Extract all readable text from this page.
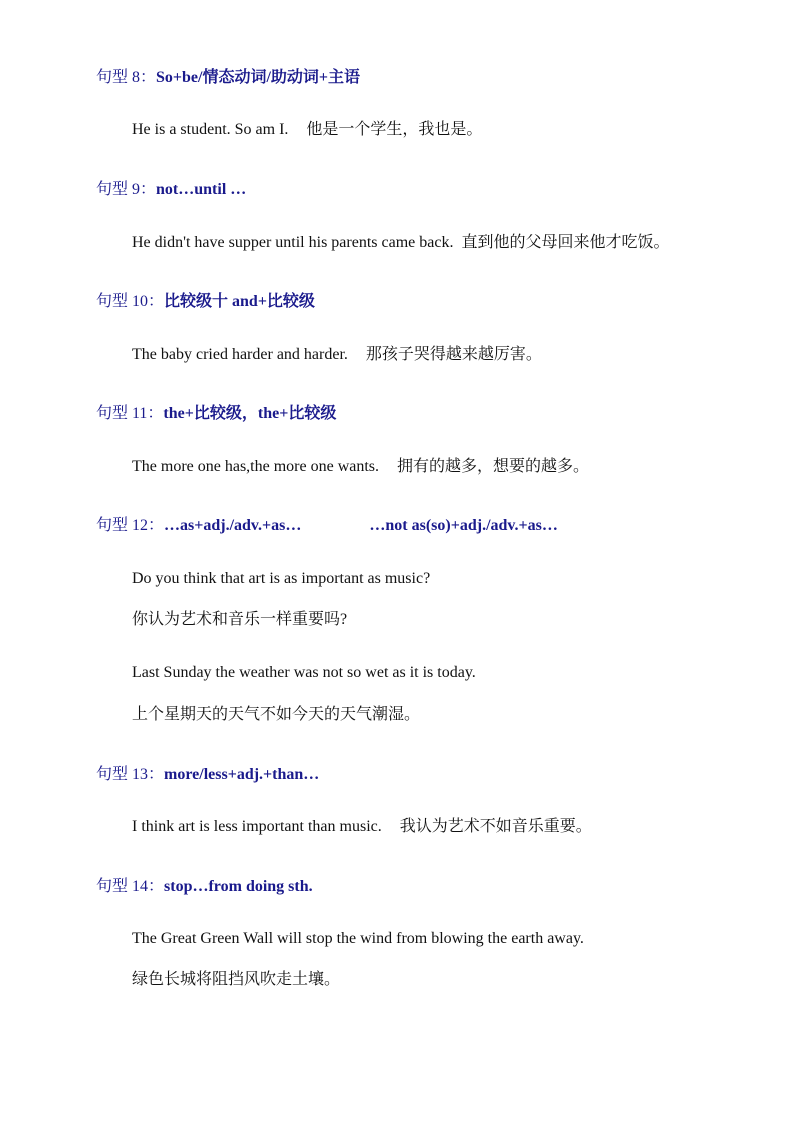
句型 8：So+be/情态动词/助动词+主语
He is a student. So am I. 他是一个学生，我也是。
句型 9：not…until …
He didn't have supper until his parents came back. 直到他的父母回来他才吃饭。
句型 10：比较级十 and+比较级
The baby cried harder and harder. 那孩子哭得越来越厉害。
句型 11：the+比较级，the+比较级
The more one has,the more one wants. 拥有的越多，想要的越多。
句型 12：…as+adj./adv.+as…	…not as(so)+adj./adv.+as…
Do you think that art is as important as music?
你认为艺术和音乐一样重要吗?
Last Sunday the weather was not so wet as it is today.
上个星期天的天气不如今天的天气潮湿。
句型 13：more/less+adj.+than…
I think art is less important than music. 我认为艺术不如音乐重要。
句型 14：stop…from doing sth.
The Great Green Wall will stop the wind from blowing the earth away.
绿色长城将阻挡风吹走土壤。
